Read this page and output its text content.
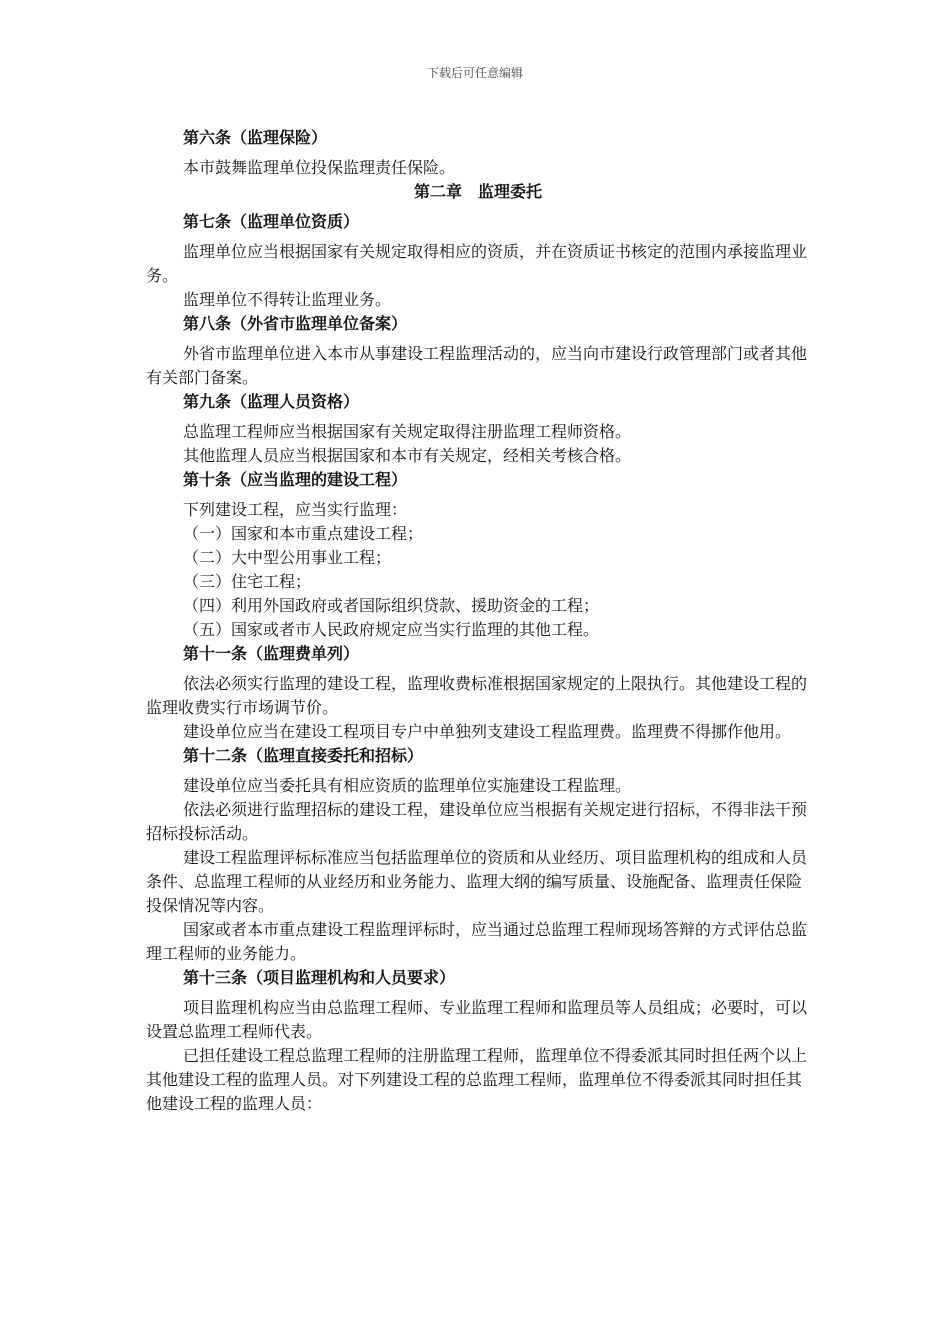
下载后可任意编辑

第六条（监理保险）

本市鼓舞监理单位投保监理责任保险。

第二章　监理委托

第七条（监理单位资质）

监理单位应当根据国家有关规定取得相应的资质，并在资质证书核定的范围内承接监理业务。

监理单位不得转让监理业务。

第八条（外省市监理单位备案）

外省市监理单位进入本市从事建设工程监理活动的，应当向市建设行政管理部门或者其他有关部门备案。

第九条（监理人员资格）

总监理工程师应当根据国家有关规定取得注册监理工程师资格。

其他监理人员应当根据国家和本市有关规定，经相关考核合格。

第十条（应当监理的建设工程）

下列建设工程，应当实行监理：

（一）国家和本市重点建设工程；

（二）大中型公用事业工程；

（三）住宅工程；

（四）利用外国政府或者国际组织贷款、援助资金的工程；

（五）国家或者市人民政府规定应当实行监理的其他工程。

第十一条（监理费单列）

依法必须实行监理的建设工程，监理收费标准根据国家规定的上限执行。其他建设工程的监理收费实行市场调节价。

建设单位应当在建设工程项目专户中单独列支建设工程监理费。监理费不得挪作他用。

第十二条（监理直接委托和招标）

建设单位应当委托具有相应资质的监理单位实施建设工程监理。

依法必须进行监理招标的建设工程，建设单位应当根据有关规定进行招标，不得非法干预招标投标活动。

建设工程监理评标标准应当包括监理单位的资质和从业经历、项目监理机构的组成和人员条件、总监理工程师的从业经历和业务能力、监理大纲的编写质量、设施配备、监理责任保险投保情况等内容。

国家或者本市重点建设工程监理评标时，应当通过总监理工程师现场答辩的方式评估总监理工程师的业务能力。

第十三条（项目监理机构和人员要求）

项目监理机构应当由总监理工程师、专业监理工程师和监理员等人员组成；必要时，可以设置总监理工程师代表。

已担任建设工程总监理工程师的注册监理工程师，监理单位不得委派其同时担任两个以上其他建设工程的监理人员。对下列建设工程的总监理工程师，监理单位不得委派其同时担任其他建设工程的监理人员：
